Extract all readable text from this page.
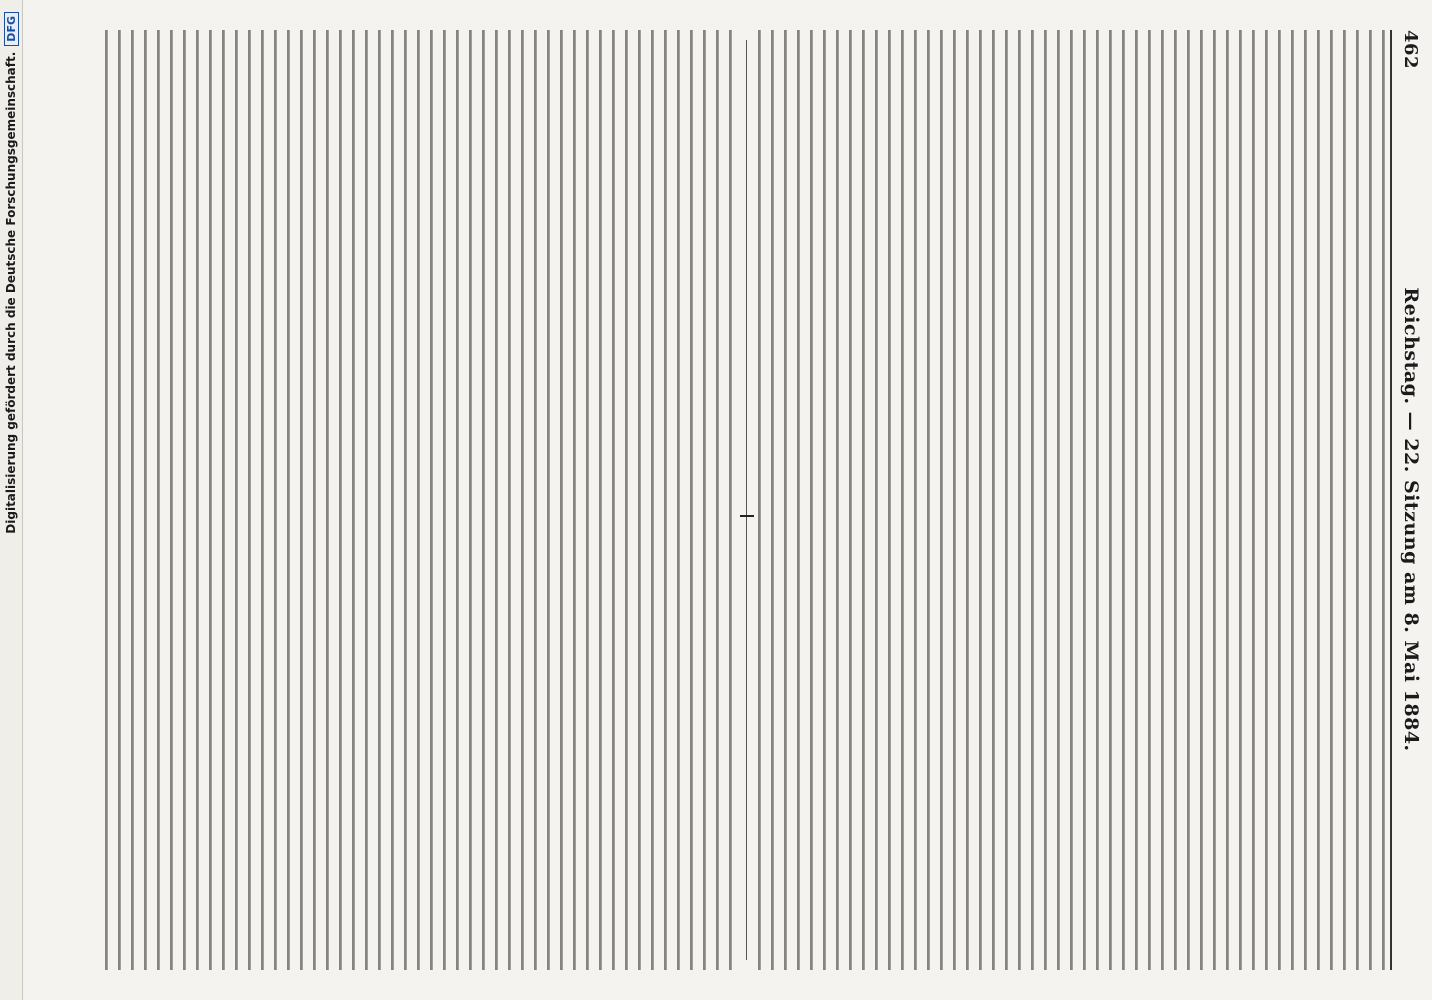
462
Reichstag. — 22. Sitzung am 8. Mai 1884.
Digitalisierung gefördert durch die Deutsche Forschungsgemeinschaft.
DFG
